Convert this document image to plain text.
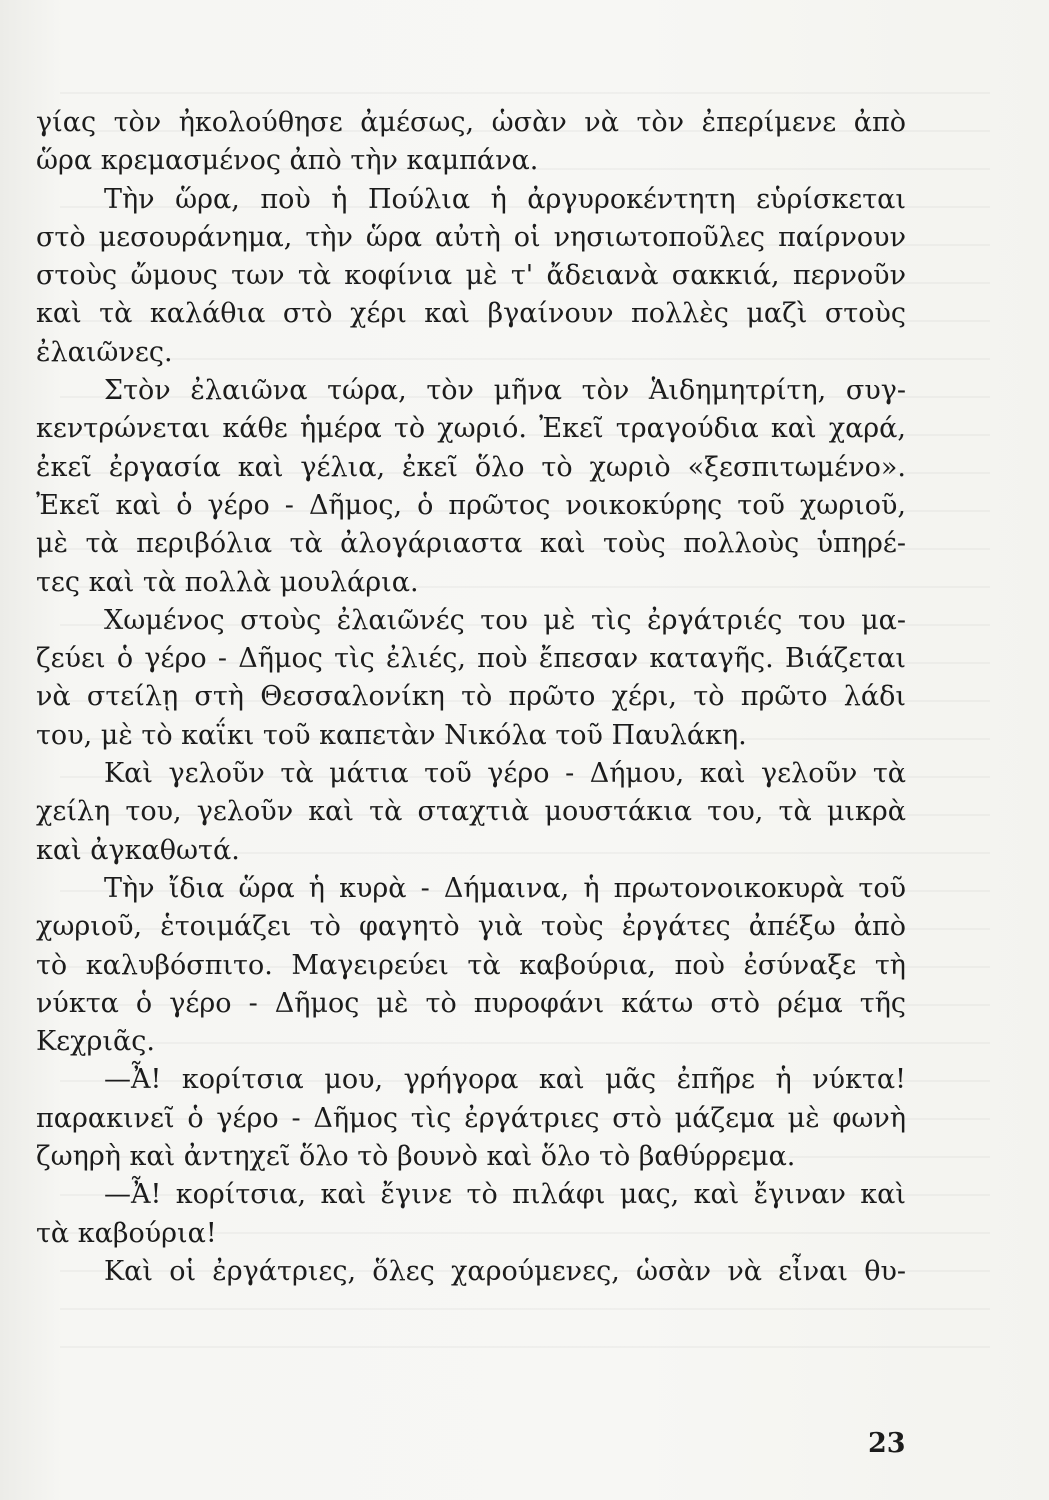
γίας τὸν ἠκολούθησε ἀμέσως, ὡσὰν νὰ τὸν ἐπερίμενε ἀπὸ
ὥρα κρεμασμένος ἀπὸ τὴν καμπάνα.
Τὴν ὥρα, ποὺ ἡ Πούλια ἡ ἀργυροκέντητη εὑρίσκεται
στὸ μεσουράνημα, τὴν ὥρα αὐτὴ οἱ νησιωτοποῦλες παίρνουν
στοὺς ὤμους των τὰ κοφίνια μὲ τ' ἄδειανὰ σακκιά, περνοῦν
καὶ τὰ καλάθια στὸ χέρι καὶ βγαίνουν πολλὲς μαζὶ στοὺς
ἐλαιῶνες.
Στὸν ἐλαιῶνα τώρα, τὸν μῆνα τὸν Ἁιδημητρίτη, συγ-
κεντρώνεται κάθε ἡμέρα τὸ χωριό. Ἐκεῖ τραγούδια καὶ χαρά,
ἐκεῖ ἐργασία καὶ γέλια, ἐκεῖ ὅλο τὸ χωριὸ «ξεσπιτωμένο».
Ἐκεῖ καὶ ὁ γέρο - Δῆμος, ὁ πρῶτος νοικοκύρης τοῦ χωριοῦ,
μὲ τὰ περιβόλια τὰ ἀλογάριαστα καὶ τοὺς πολλοὺς ὑπηρέ-
τες καὶ τὰ πολλὰ μουλάρια.
Χωμένος στοὺς ἐλαιῶνές του μὲ τὶς ἐργάτριές του μα-
ζεύει ὁ γέρο - Δῆμος τὶς ἐλιές, ποὺ ἔπεσαν καταγῆς. Βιάζεται
νὰ στείλῃ στὴ Θεσσαλονίκη τὸ πρῶτο χέρι, τὸ πρῶτο λάδι
του, μὲ τὸ καΐκι τοῦ καπετὰν Νικόλα τοῦ Παυλάκη.
Καὶ γελοῦν τὰ μάτια τοῦ γέρο - Δήμου, καὶ γελοῦν τὰ
χείλη του, γελοῦν καὶ τὰ σταχτιὰ μουστάκια του, τὰ μικρὰ
καὶ ἀγκαθωτά.
Τὴν ἴδια ὥρα ἡ κυρὰ - Δήμαινα, ἡ πρωτονοικοκυρὰ τοῦ
χωριοῦ, ἑτοιμάζει τὸ φαγητὸ γιὰ τοὺς ἐργάτες ἀπέξω ἀπὸ
τὸ καλυβόσπιτο. Μαγειρεύει τὰ καβούρια, ποὺ ἐσύναξε τὴ
νύκτα ὁ γέρο - Δῆμος μὲ τὸ πυροφάνι κάτω στὸ ρέμα τῆς
Κεχριᾶς.
—Ἆ! κορίτσια μου, γρήγορα καὶ μᾶς ἐπῆρε ἡ νύκτα!
παρακινεῖ ὁ γέρο - Δῆμος τὶς ἐργάτριες στὸ μάζεμα μὲ φωνὴ
ζωηρὴ καὶ ἀντηχεῖ ὅλο τὸ βουνὸ καὶ ὅλο τὸ βαθύρρεμα.
—Ἆ! κορίτσια, καὶ ἔγινε τὸ πιλάφι μας, καὶ ἔγιναν καὶ
τὰ καβούρια!
Καὶ οἱ ἐργάτριες, ὅλες χαρούμενες, ὡσὰν νὰ εἶναι θυ-
23
